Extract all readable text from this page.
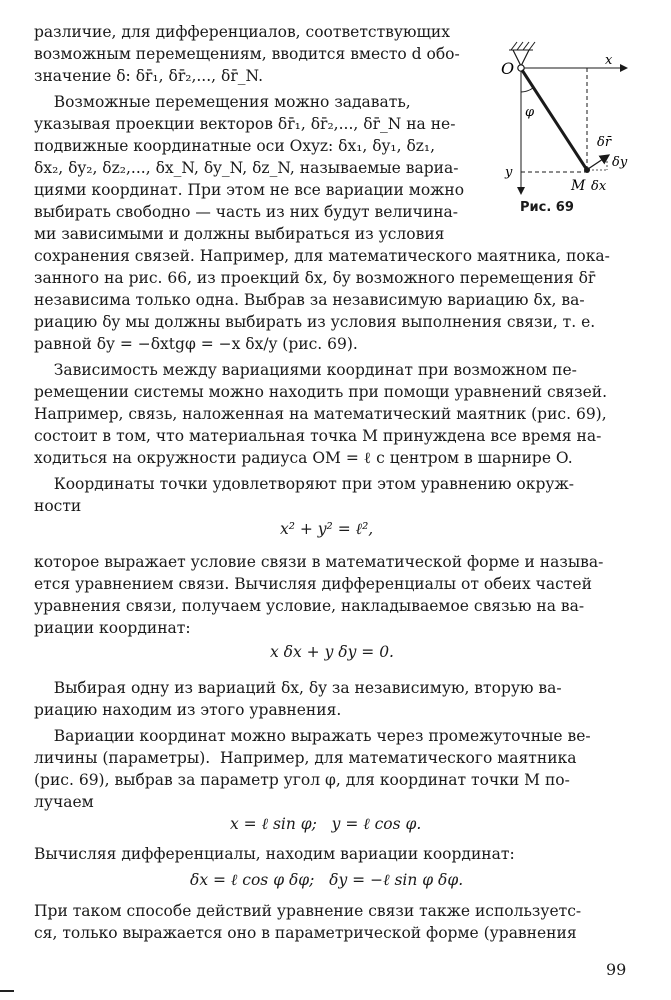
различие, для дифференциалов, соответствующих
возможным перемещениям, вводится вместо d обо-
значение δ: δr̄₁, δr̄₂,..., δr̄_N.
Возможные перемещения можно задавать,
указывая проекции векторов δr̄₁, δr̄₂,..., δr̄_N на не-
подвижные координатные оси Oxyz: δx₁, δy₁, δz₁,
δx₂, δy₂, δz₂,..., δx_N, δy_N, δz_N, называемые вариа-
циями координат. При этом не все вариации можно
выбирать свободно — часть из них будут величина-
ми зависимыми и должны выбираться из условия
сохранения связей. Например, для математического маятника, пока-
занного на рис. 66, из проекций δx, δy возможного перемещения δr̄
независима только одна. Выбрав за независимую вариацию δx, ва-
риацию δy мы должны выбирать из условия выполнения связи, т. е.
равной δy = −δxtgφ = −x δx/y (рис. 69).
Зависимость между вариациями координат при возможном пе-
ремещении системы можно находить при помощи уравнений связей.
Например, связь, наложенная на математический маятник (рис. 69),
состоит в том, что материальная точка M принуждена все время на-
ходиться на окружности радиуса OM = ℓ с центром в шарнире O.
Координаты точки удовлетворяют при этом уравнению окруж-
ности
x² + y² = ℓ²,
которое выражает условие связи в математической форме и называ-
ется уравнением связи. Вычисляя дифференциалы от обеих частей
уравнения связи, получаем условие, накладываемое связью на ва-
риации координат:
x δx + y δy = 0.
Выбирая одну из вариаций δx, δy за независимую, вторую ва-
риацию находим из этого уравнения.
Вариации координат можно выражать через промежуточные ве-
личины (параметры).  Например, для математического маятника
(рис. 69), выбрав за параметр угол φ, для координат точки M по-
лучаем
x = ℓ sin φ;   y = ℓ cos φ.
Вычисляя дифференциалы, находим вариации координат:
δx = ℓ cos φ δφ;   δy = −ℓ sin φ δφ.
При таком способе действий уравнение связи также используетс-
ся, только выражается оно в параметрической форме (уравнения
O	x
y
φ
M
δr̄
δy
δx
Рис. 69
99
